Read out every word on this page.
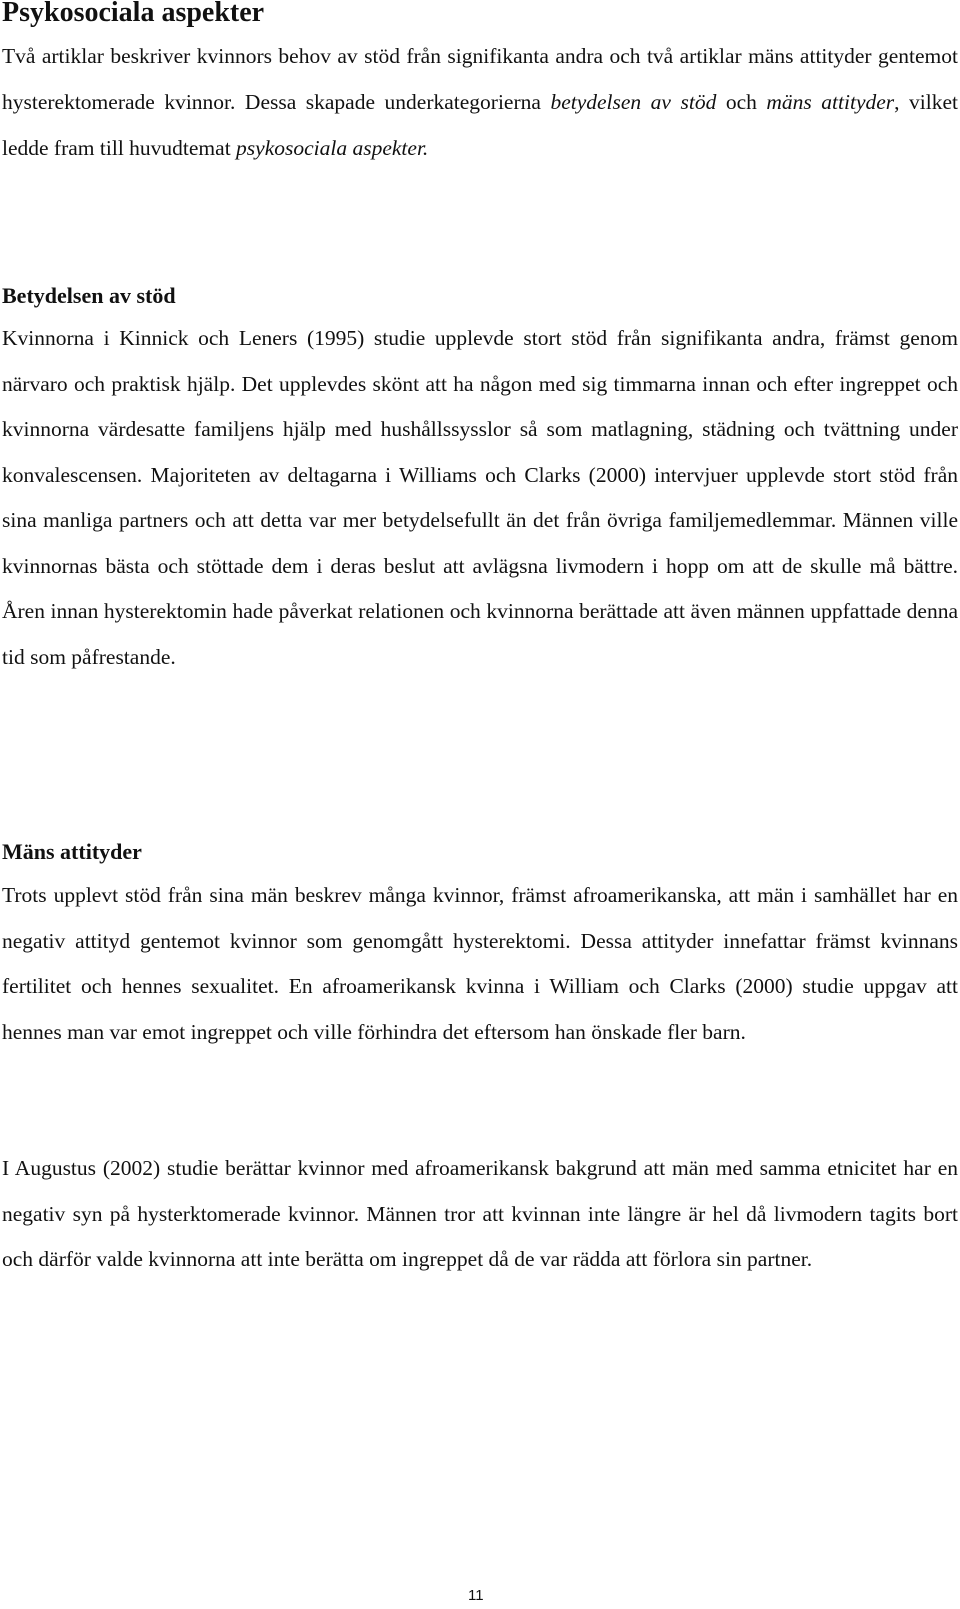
Psykosociala aspekter

Två artiklar beskriver kvinnors behov av stöd från signifikanta andra och två artiklar mäns attityder gentemot hysterektomerade kvinnor. Dessa skapade underkategorierna betydelsen av stöd och mäns attityder, vilket ledde fram till huvudtemat psykosociala aspekter.

Betydelsen av stöd

Kvinnorna i Kinnick och Leners (1995) studie upplevde stort stöd från signifikanta andra, främst genom närvaro och praktisk hjälp. Det upplevdes skönt att ha någon med sig timmarna innan och efter ingreppet och kvinnorna värdesatte familjens hjälp med hushållssysslor så som matlagning, städning och tvättning under konvalescensen. Majoriteten av deltagarna i Williams och Clarks (2000) intervjuer upplevde stort stöd från sina manliga partners och att detta var mer betydelsefullt än det från övriga familjemedlemmar. Männen ville kvinnornas bästa och stöttade dem i deras beslut att avlägsna livmodern i hopp om att de skulle må bättre. Åren innan hysterektomin hade påverkat relationen och kvinnorna berättade att även männen uppfattade denna tid som påfrestande.

Mäns attityder

Trots upplevt stöd från sina män beskrev många kvinnor, främst afroamerikanska, att män i samhället har en negativ attityd gentemot kvinnor som genomgått hysterektomi. Dessa attityder innefattar främst kvinnans fertilitet och hennes sexualitet. En afroamerikansk kvinna i William och Clarks (2000) studie uppgav att hennes man var emot ingreppet och ville förhindra det eftersom han önskade fler barn.

I Augustus (2002) studie berättar kvinnor med afroamerikansk bakgrund att män med samma etnicitet har en negativ syn på hysterktomerade kvinnor. Männen tror att kvinnan inte längre är hel då livmodern tagits bort och därför valde kvinnorna att inte berätta om ingreppet då de var rädda att förlora sin partner.

11
